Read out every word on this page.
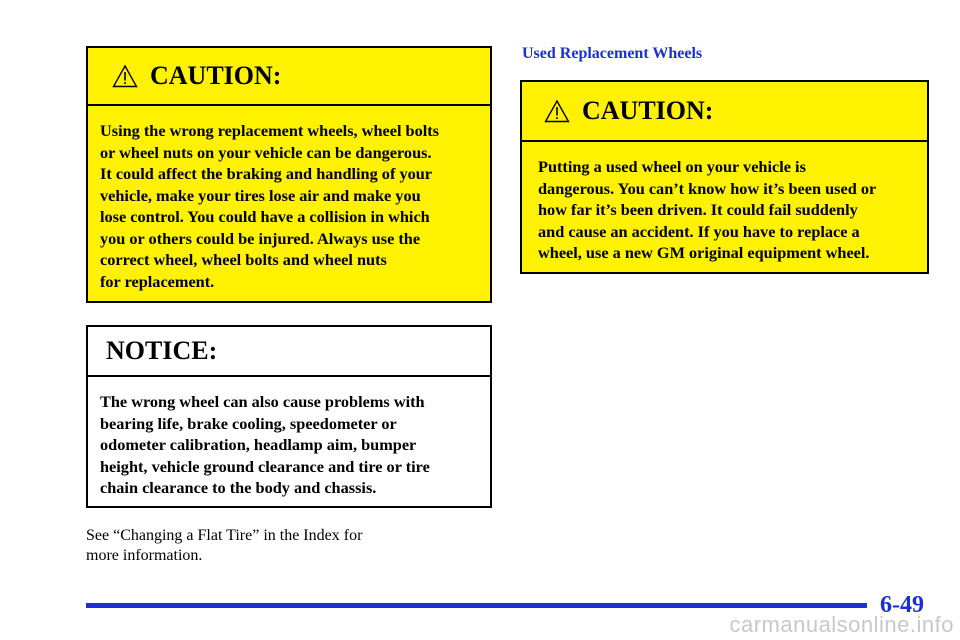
CAUTION:
Using the wrong replacement wheels, wheel bolts
or wheel nuts on your vehicle can be dangerous.
It could affect the braking and handling of your
vehicle, make your tires lose air and make you
lose control. You could have a collision in which
you or others could be injured. Always use the
correct wheel, wheel bolts and wheel nuts
for replacement.
NOTICE:
The wrong wheel can also cause problems with
bearing life, brake cooling, speedometer or
odometer calibration, headlamp aim, bumper
height, vehicle ground clearance and tire or tire
chain clearance to the body and chassis.
See “Changing a Flat Tire” in the Index for
more information.
Used Replacement Wheels
CAUTION:
Putting a used wheel on your vehicle is
dangerous. You can’t know how it’s been used or
how far it’s been driven. It could fail suddenly
and cause an accident. If you have to replace a
wheel, use a new GM original equipment wheel.
6-49
carmanualsonline.info
